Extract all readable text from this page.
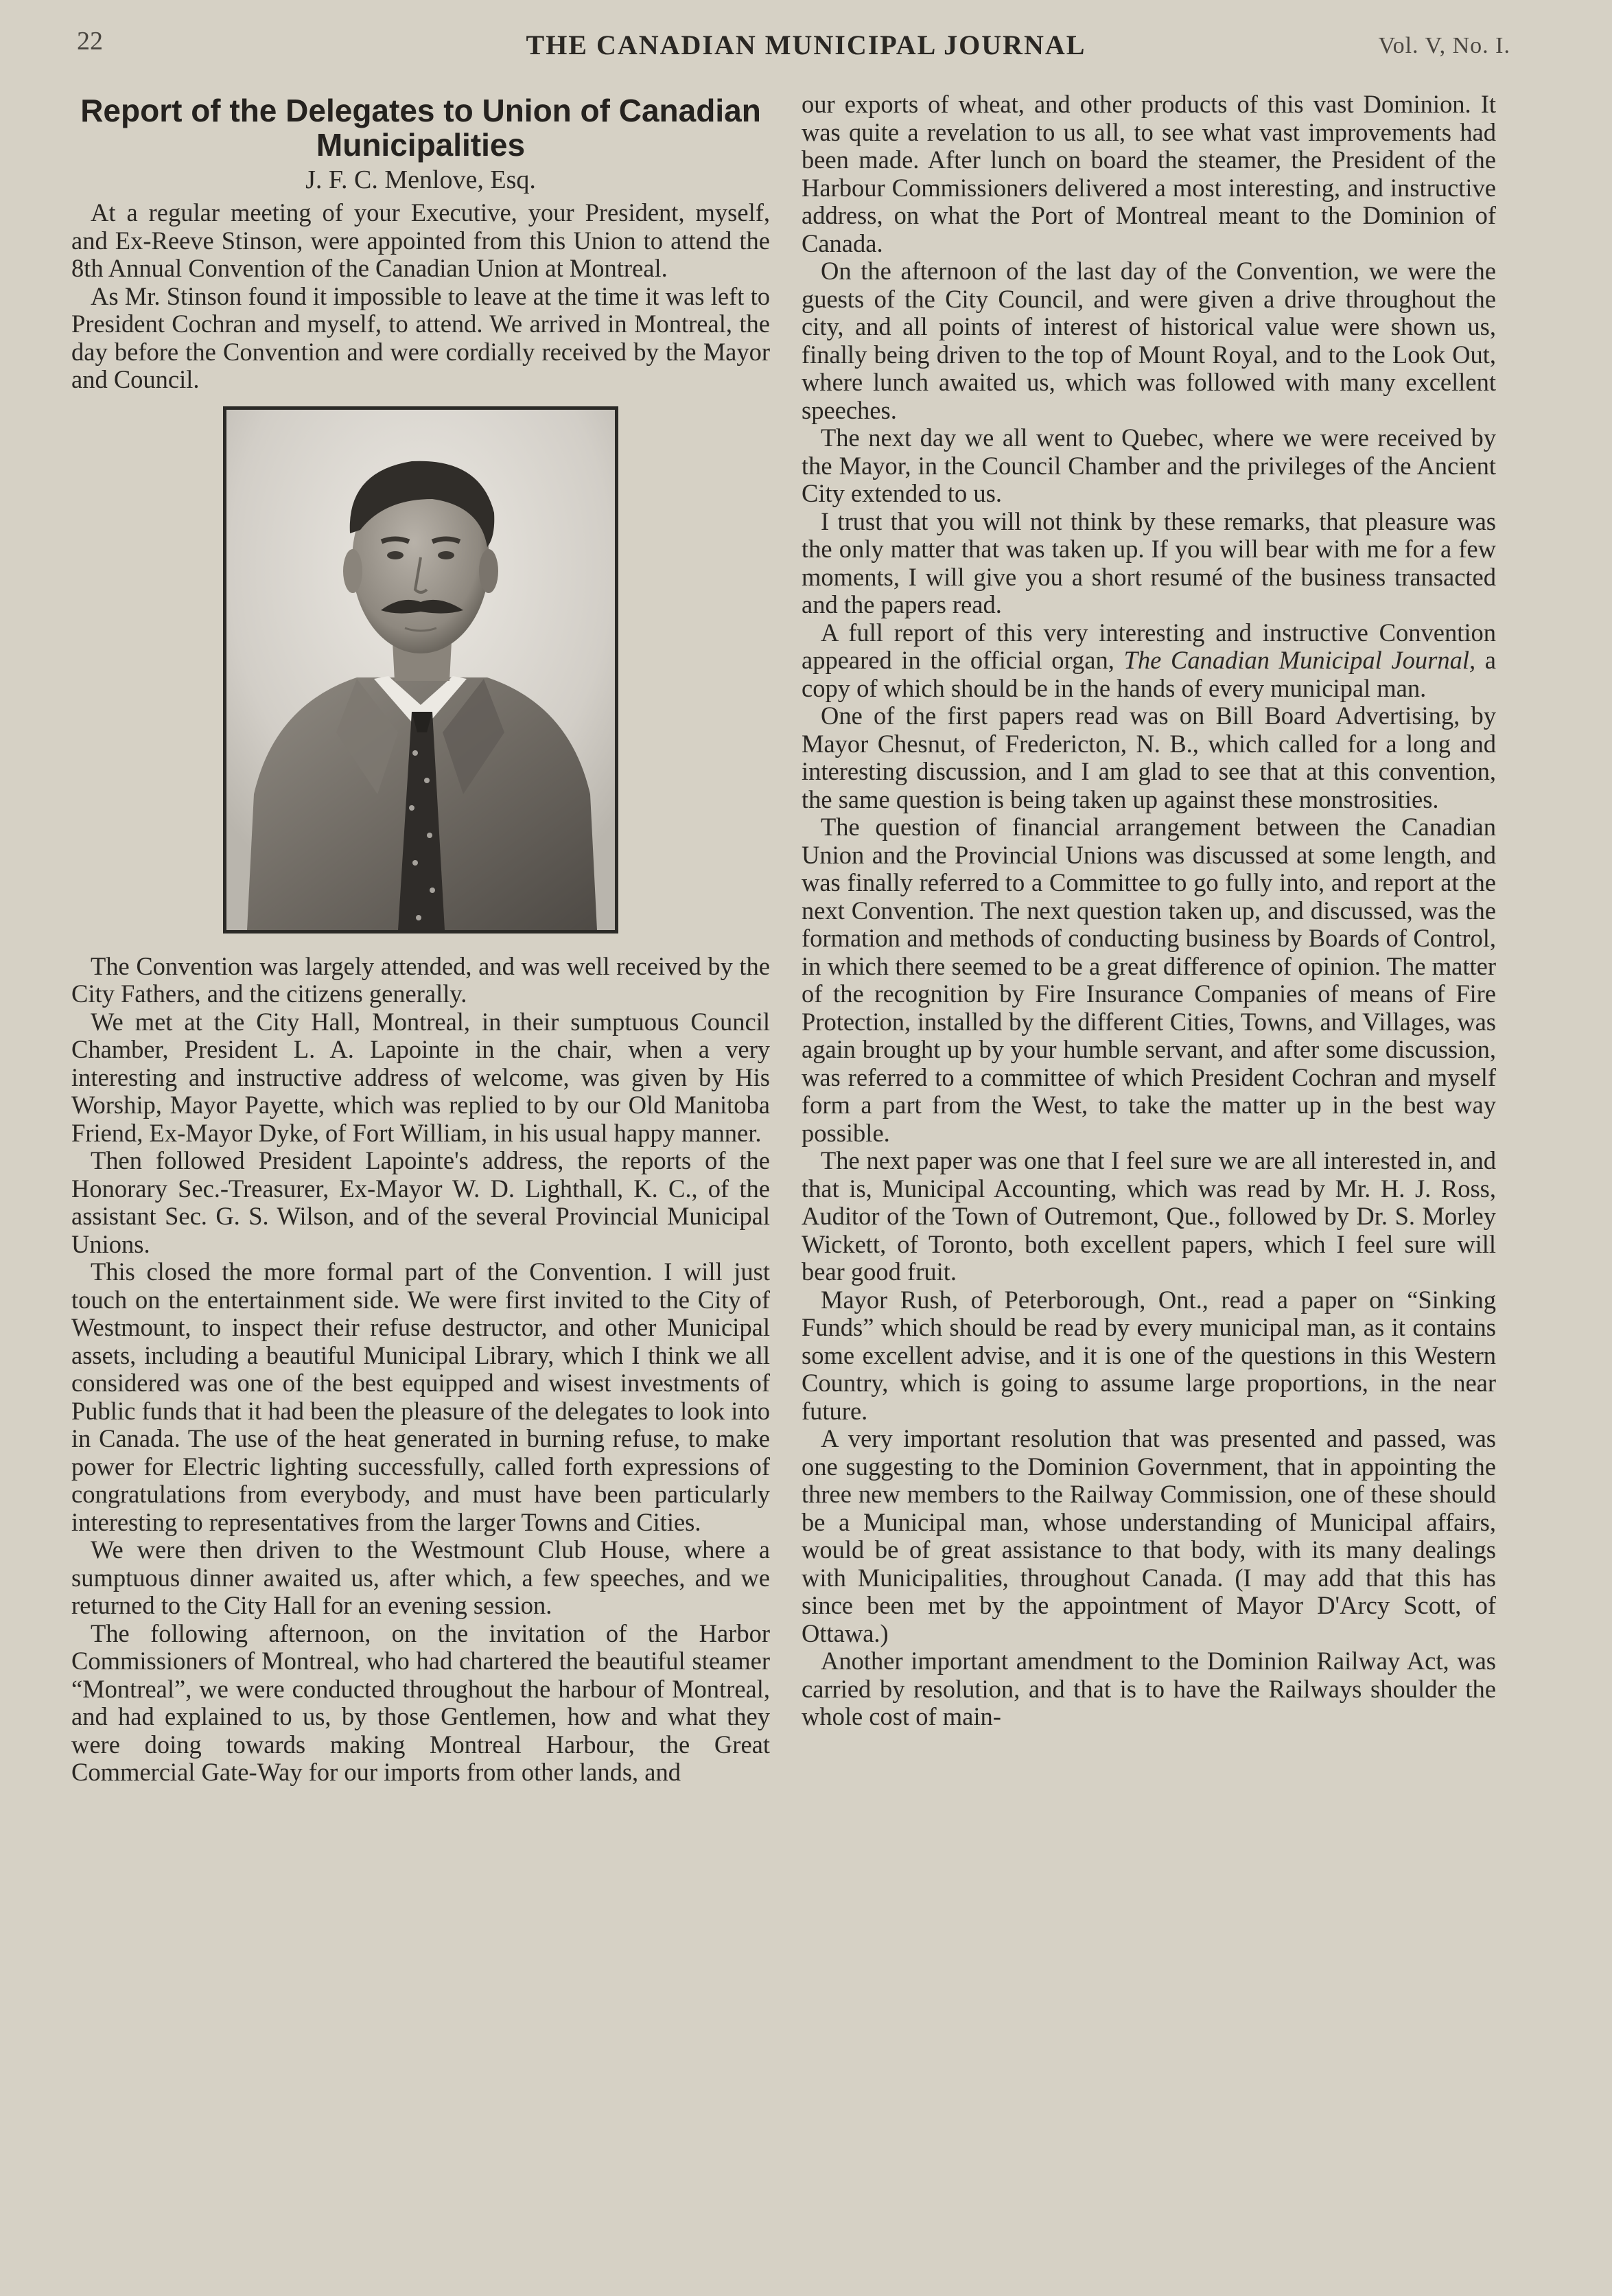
22	THE CANADIAN MUNICIPAL JOURNAL	Vol. V, No. I.
Report of the Delegates to Union of Canadian Municipalities
J. F. C. Menlove, Esq.

At a regular meeting of your Executive, your President, myself, and Ex-Reeve Stinson, were appointed from this Union to attend the 8th Annual Convention of the Canadian Union at Montreal.

As Mr. Stinson found it impossible to leave at the time it was left to President Cochran and myself, to attend. We arrived in Montreal, the day before the Convention and were cordially received by the Mayor and Council.

The Convention was largely attended, and was well received by the City Fathers, and the citizens generally.

We met at the City Hall, Montreal, in their sumptuous Council Chamber, President L. A. Lapointe in the chair, when a very interesting and instructive address of welcome, was given by His Worship, Mayor Payette, which was replied to by our Old Manitoba Friend, Ex-Mayor Dyke, of Fort William, in his usual happy manner.

Then followed President Lapointe's address, the reports of the Honorary Sec.-Treasurer, Ex-Mayor W. D. Lighthall, K. C., of the assistant Sec. G. S. Wilson, and of the several Provincial Municipal Unions.

This closed the more formal part of the Convention. I will just touch on the entertainment side. We were first invited to the City of Westmount, to inspect their refuse destructor, and other Municipal assets, including a beautiful Municipal Library, which I think we all considered was one of the best equipped and wisest investments of Public funds that it had been the pleasure of the delegates to look into in Canada. The use of the heat generated in burning refuse, to make power for Electric lighting successfully, called forth expressions of congratulations from everybody, and must have been particularly interesting to representatives from the larger Towns and Cities.

We were then driven to the Westmount Club House, where a sumptuous dinner awaited us, after which, a few speeches, and we returned to the City Hall for an evening session.

The following afternoon, on the invitation of the Harbor Commissioners of Montreal, who had chartered the beautiful steamer “Montreal”, we were conducted throughout the harbour of Montreal, and had explained to us, by those Gentlemen, how and what they were doing towards making Montreal Harbour, the Great Commercial Gate-Way for our imports from other lands, and

our exports of wheat, and other products of this vast Dominion. It was quite a revelation to us all, to see what vast improvements had been made. After lunch on board the steamer, the President of the Harbour Commissioners delivered a most interesting, and instructive address, on what the Port of Montreal meant to the Dominion of Canada.

On the afternoon of the last day of the Convention, we were the guests of the City Council, and were given a drive throughout the city, and all points of interest of historical value were shown us, finally being driven to the top of Mount Royal, and to the Look Out, where lunch awaited us, which was followed with many excellent speeches.

The next day we all went to Quebec, where we were received by the Mayor, in the Council Chamber and the privileges of the Ancient City extended to us.

I trust that you will not think by these remarks, that pleasure was the only matter that was taken up. If you will bear with me for a few moments, I will give you a short resumé of the business transacted and the papers read.

A full report of this very interesting and instructive Convention appeared in the official organ, The Canadian Municipal Journal, a copy of which should be in the hands of every municipal man.

One of the first papers read was on Bill Board Advertising, by Mayor Chesnut, of Fredericton, N. B., which called for a long and interesting discussion, and I am glad to see that at this convention, the same question is being taken up against these monstrosities.

The question of financial arrangement between the Canadian Union and the Provincial Unions was discussed at some length, and was finally referred to a Committee to go fully into, and report at the next Convention. The next question taken up, and discussed, was the formation and methods of conducting business by Boards of Control, in which there seemed to be a great difference of opinion. The matter of the recognition by Fire Insurance Companies of means of Fire Protection, installed by the different Cities, Towns, and Villages, was again brought up by your humble servant, and after some discussion, was referred to a committee of which President Cochran and myself form a part from the West, to take the matter up in the best way possible.

The next paper was one that I feel sure we are all interested in, and that is, Municipal Accounting, which was read by Mr. H. J. Ross, Auditor of the Town of Outremont, Que., followed by Dr. S. Morley Wickett, of Toronto, both excellent papers, which I feel sure will bear good fruit.

Mayor Rush, of Peterborough, Ont., read a paper on “Sinking Funds” which should be read by every municipal man, as it contains some excellent advise, and it is one of the questions in this Western Country, which is going to assume large proportions, in the near future.

A very important resolution that was presented and passed, was one suggesting to the Dominion Government, that in appointing the three new members to the Railway Commission, one of these should be a Municipal man, whose understanding of Municipal affairs, would be of great assistance to that body, with its many dealings with Municipalities, throughout Canada. (I may add that this has since been met by the appointment of Mayor D'Arcy Scott, of Ottawa.)

Another important amendment to the Dominion Railway Act, was carried by resolution, and that is to have the Railways shoulder the whole cost of main-
